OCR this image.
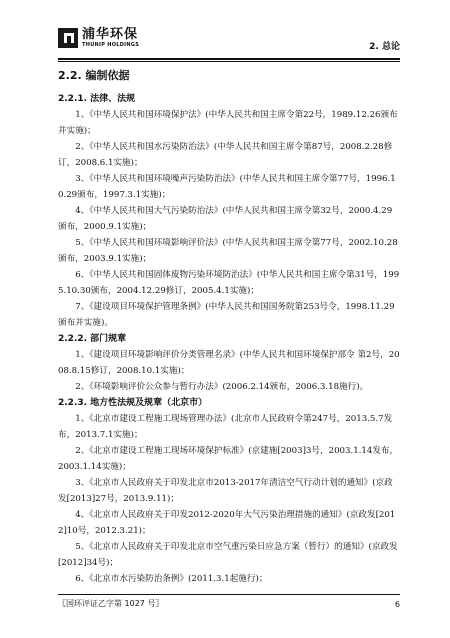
浦华环保
THUNIP HOLDINGS	2. 总论
2.2. 编制依据
2.2.1. 法律、法规
1、《中华人民共和国环境保护法》(中华人民共和国主席令第22号，1989.12.26颁布并实施)；
2、《中华人民共和国水污染防治法》(中华人民共和国主席令第87号，2008.2.28修订，2008.6.1实施)；
3、《中华人民共和国环境噪声污染防治法》(中华人民共和国主席令第77号，1996.10.29颁布，1997.3.1实施)；
4、《中华人民共和国大气污染防治法》(中华人民共和国主席令第32号，2000.4.29颁布，2000.9.1实施)；
5、《中华人民共和国环境影响评价法》(中华人民共和国主席令第77号，2002.10.28颁布，2003.9.1实施)；
6、《中华人民共和国固体废物污染环境防治法》(中华人民共和国主席令第31号，1995.10.30颁布，2004.12.29修订，2005.4.1实施)；
7、《建设项目环境保护管理条例》(中华人民共和国国务院第253号令，1998.11.29颁布并实施)。
2.2.2. 部门规章
1、《建设项目环境影响评价分类管理名录》(中华人民共和国环境保护部令 第2号，2008.8.15修订，2008.10.1实施)；
2、《环境影响评价公众参与暂行办法》(2006.2.14颁布，2006.3.18施行)。
2.2.3. 地方性法规及规章（北京市）
1、《北京市建设工程施工现场管理办法》(北京市人民政府令第247号，2013.5.7发布，2013.7.1实施)；
2、《北京市建设工程施工现场环境保护标准》(京建施[2003]3号，2003.1.14发布，2003.1.14实施)；
3、《北京市人民政府关于印发北京市2013-2017年清洁空气行动计划的通知》(京政发[2013]27号，2013.9.11)；
4、《北京市人民政府关于印发2012-2020年大气污染治理措施的通知》(京政发[2012]10号，2012.3.21)；
5、《北京市人民政府关于印发北京市空气重污染日应急方案（暂行）的通知》(京政发[2012]34号)；
6、《北京市水污染防治条例》(2011.3.1起施行)；
〖国环评证乙字第 1027 号〗	6
